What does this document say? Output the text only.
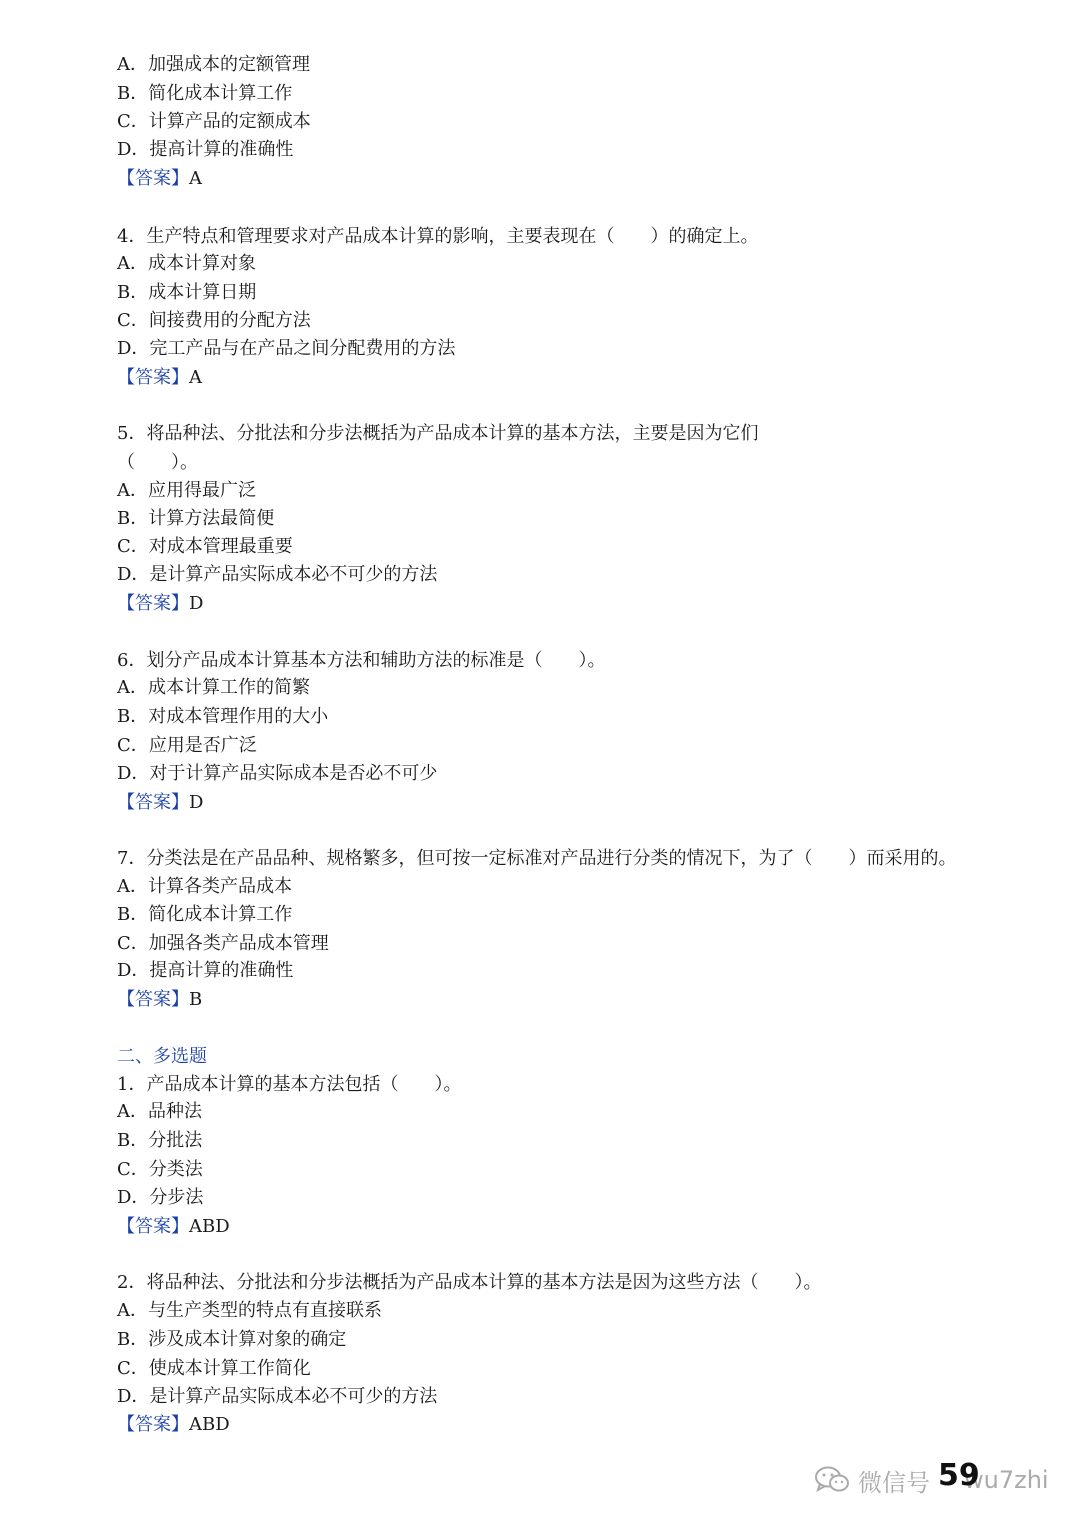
A．加强成本的定额管理
B．简化成本计算工作
C．计算产品的定额成本
D．提高计算的准确性
【答案】A
4．生产特点和管理要求对产品成本计算的影响，主要表现在（　　）的确定上。
A．成本计算对象
B．成本计算日期
C．间接费用的分配方法
D．完工产品与在产品之间分配费用的方法
【答案】A
5．将品种法、分批法和分步法概括为产品成本计算的基本方法，主要是因为它们
（　　）。
A．应用得最广泛
B．计算方法最简便
C．对成本管理最重要
D．是计算产品实际成本必不可少的方法
【答案】D
6．划分产品成本计算基本方法和辅助方法的标准是（　　）。
A．成本计算工作的简繁
B．对成本管理作用的大小
C．应用是否广泛
D．对于计算产品实际成本是否必不可少
【答案】D
7．分类法是在产品品种、规格繁多，但可按一定标准对产品进行分类的情况下，为了（　　）而采用的。
A．计算各类产品成本
B．简化成本计算工作
C．加强各类产品成本管理
D．提高计算的准确性
【答案】B
二、多选题
1．产品成本计算的基本方法包括（　　）。
A．品种法
B．分批法
C．分类法
D．分步法
【答案】ABD
2．将品种法、分批法和分步法概括为产品成本计算的基本方法是因为这些方法（　　）。
A．与生产类型的特点有直接联系
B．涉及成本计算对象的确定
C．使成本计算工作简化
D．是计算产品实际成本必不可少的方法
【答案】ABD
微信号 wu7zhi
59
